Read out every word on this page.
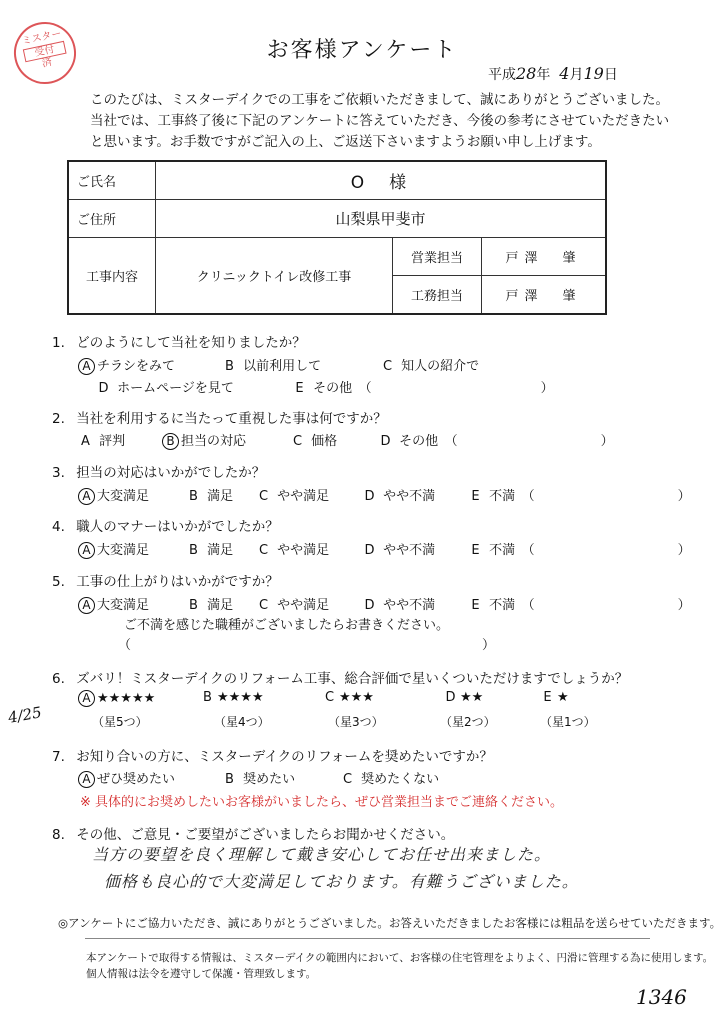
ミスター
受付
済
お客様アンケート
平成28年 4月19日
このたびは、ミスターデイクでの工事をご依頼いただきまして、誠にありがとうございました。
当社では、工事終了後に下記のアンケートに答えていただき、今後の参考にさせていただきたい
と思います。お手数ですがご記入の上、ご返送下さいますようお願い申し上げます。
ご氏名	O　様		
ご住所	山梨県甲斐市		
工事内容	クリニックトイレ改修工事	営業担当	戸澤　肇
		工務担当	戸澤　肇
1. どのようにして当社を知りましたか？
A チラシをみて	B 以前利用して	C 知人の紹介で
D ホームページを見て	E その他　（　　　　　　　　　　　　　）
2. 当社を利用するに当たって重視した事は何ですか？
A 評判	B 担当の対応	C 価格	D その他　（　　　　　　　　　　　）
3. 担当の対応はいかがでしたか？
A 大変満足	B 満足 C やや満足	D やや不満	E 不満　（　　　　　　　　　　　）
4. 職人のマナーはいかがでしたか？
A 大変満足	B 満足 C やや満足	D やや不満	E 不満　（　　　　　　　　　　　）
5. 工事の仕上がりはいかがですか？
A 大変満足	B 満足 C やや満足	D やや不満	E 不満　（　　　　　　　　　　　）
ご不満を感じた職種がございましたらお書きください。
（　　　　　　　　　　　　　　　　　　　　　　　　　　　）
6. ズバリ！ミスターデイクのリフォーム工事、総合評価で星いくついただけますでしょうか？
A ★★★★★	B ★★★★	C ★★★	D ★★	E ★
（星5つ）	（星4つ）	（星3つ）	（星2つ）	（星1つ）
4/25
7. お知り合いの方に、ミスターデイクのリフォームを奨めたいですか？
A ぜひ奨めたい	B 奨めたい	C 奨めたくない
※ 具体的にお奨めしたいお客様がいましたら、ぜひ営業担当までご連絡ください。
8. その他、ご意見・ご要望がございましたらお聞かせください。
当方の要望を良く理解して戴き安心してお任せ出来ました。
価格も良心的で大変満足しております。有難うございました。
◎アンケートにご協力いただき、誠にありがとうございました。お答えいただきましたお客様には粗品を送らせていただきます。
本アンケートで取得する情報は、ミスターデイクの範囲内において、お客様の住宅管理をよりよく、円滑に管理する為に使用します。
個人情報は法令を遵守して保護・管理致します。
1346
